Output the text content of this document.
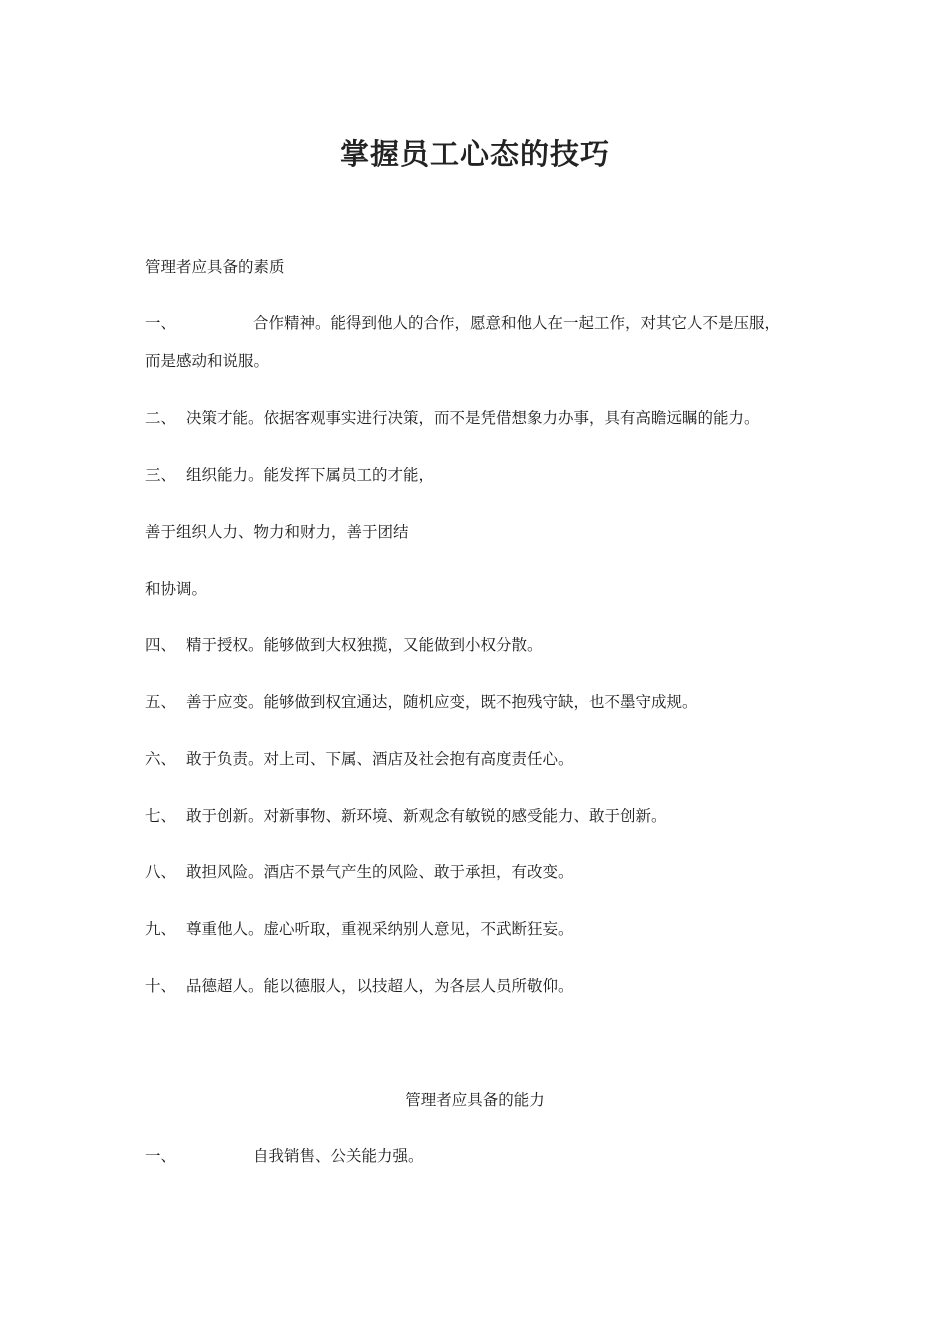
掌握员工心态的技巧
管理者应具备的素质
一、	合作精神。能得到他人的合作，愿意和他人在一起工作，对其它人不是压服，
而是感动和说服。
二、 决策才能。依据客观事实进行决策，而不是凭借想象力办事，具有高瞻远瞩的能力。
三、 组织能力。能发挥下属员工的才能，
善于组织人力、物力和财力，善于团结
和协调。
四、 精于授权。能够做到大权独揽，又能做到小权分散。
五、 善于应变。能够做到权宜通达，随机应变，既不抱残守缺，也不墨守成规。
六、 敢于负责。对上司、下属、酒店及社会抱有高度责任心。
七、 敢于创新。对新事物、新环境、新观念有敏锐的感受能力、敢于创新。
八、 敢担风险。酒店不景气产生的风险、敢于承担，有改变。
九、 尊重他人。虚心听取，重视采纳别人意见，不武断狂妄。
十、 品德超人。能以德服人，以技超人，为各层人员所敬仰。
管理者应具备的能力
一、	自我销售、公关能力强。
